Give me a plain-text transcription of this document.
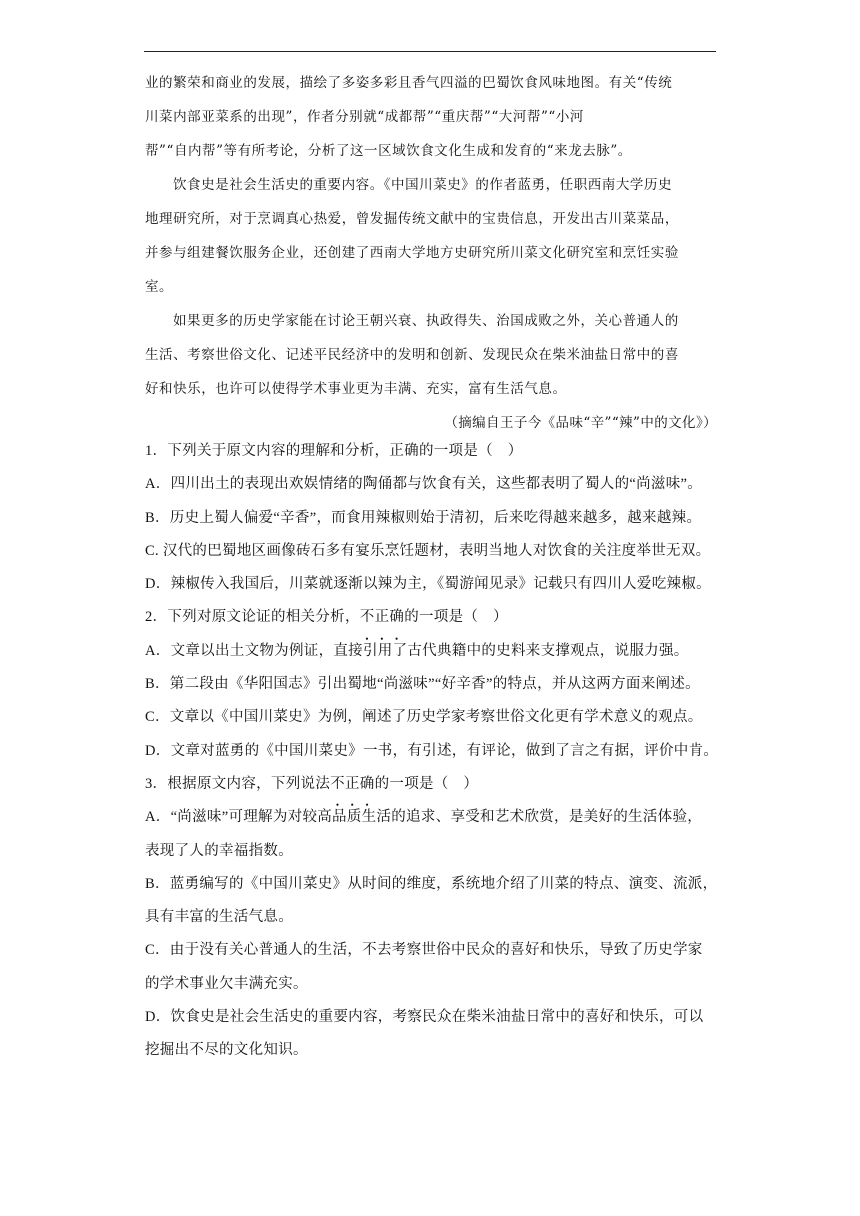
业的繁荣和商业的发展，描绘了多姿多彩且香气四溢的巴蜀饮食风味地图。有关“传统
川菜内部亚菜系的出现”，作者分别就“成都帮”“重庆帮”“大河帮”“小河
帮”“自内帮”等有所考论，分析了这一区域饮食文化生成和发育的“来龙去脉”。
饮食史是社会生活史的重要内容。《中国川菜史》的作者蓝勇，任职西南大学历史
地理研究所，对于烹调真心热爱，曾发掘传统文献中的宝贵信息，开发出古川菜菜品，
并参与组建餐饮服务企业，还创建了西南大学地方史研究所川菜文化研究室和烹饪实验
室。
如果更多的历史学家能在讨论王朝兴衰、执政得失、治国成败之外，关心普通人的
生活、考察世俗文化、记述平民经济中的发明和创新、发现民众在柴米油盐日常中的喜
好和快乐，也许可以使得学术事业更为丰满、充实，富有生活气息。
（摘编自王子今《品味“辛”“辣”中的文化》）
1．下列关于原文内容的理解和分析，正确的一项是（　）
A．四川出土的表现出欢娱情绪的陶俑都与饮食有关，这些都表明了蜀人的“尚滋味”。
B．历史上蜀人偏爱“辛香”，而食用辣椒则始于清初，后来吃得越来越多，越来越辣。
C. 汉代的巴蜀地区画像砖石多有宴乐烹饪题材，表明当地人对饮食的关注度举世无双。
D．辣椒传入我国后，川菜就逐渐以辣为主，《蜀游闻见录》记载只有四川人爱吃辣椒。
2．下列对原文论证的相关分析，不正确的一项是（　）
A．文章以出土文物为例证，直接引用了古代典籍中的史料来支撑观点，说服力强。
B．第二段由《华阳国志》引出蜀地“尚滋味”“好辛香”的特点，并从这两方面来阐述。
C．文章以《中国川菜史》为例，阐述了历史学家考察世俗文化更有学术意义的观点。
D．文章对蓝勇的《中国川菜史》一书，有引述，有评论，做到了言之有据，评价中肯。
3．根据原文内容，下列说法不正确的一项是（　）
A．“尚滋味”可理解为对较高品质生活的追求、享受和艺术欣赏，是美好的生活体验，
表现了人的幸福指数。
B．蓝勇编写的《中国川菜史》从时间的维度，系统地介绍了川菜的特点、演变、流派，
具有丰富的生活气息。
C．由于没有关心普通人的生活，不去考察世俗中民众的喜好和快乐，导致了历史学家
的学术事业欠丰满充实。
D．饮食史是社会生活史的重要内容，考察民众在柴米油盐日常中的喜好和快乐，可以
挖掘出不尽的文化知识。
